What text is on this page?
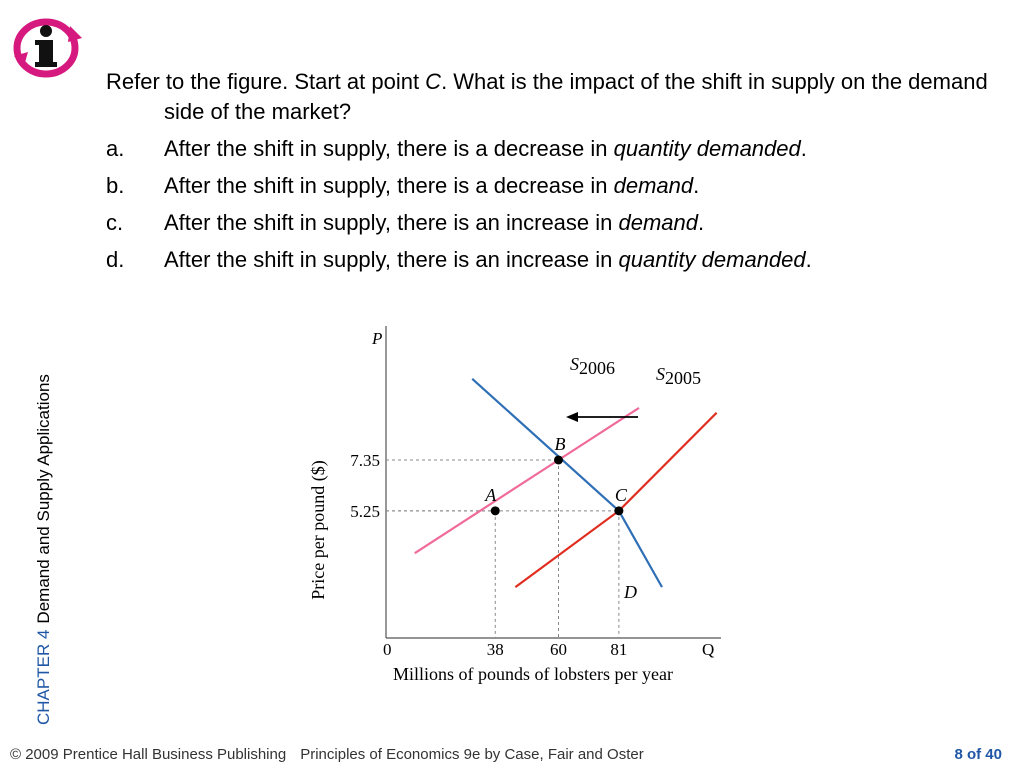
Refer to the figure. Start at point C. What is the impact of the shift in supply on the demand side of the market?

a.	After the shift in supply, there is a decrease in quantity demanded.
b.	After the shift in supply, there is a decrease in demand.
c.	After the shift in supply, there is an increase in demand.
d.	After the shift in supply, there is an increase in quantity demanded.
CHAPTER 4Demand and Supply Applications
P
Q
0
Millions of pounds of lobsters per year
Price per pound ($)
38	60	81
5.25
7.35
S2006 S2005
D
A
B
C
© 2009 Prentice Hall Business Publishing Principles of Economics 9e by Case, Fair and Oster	8 of 40
